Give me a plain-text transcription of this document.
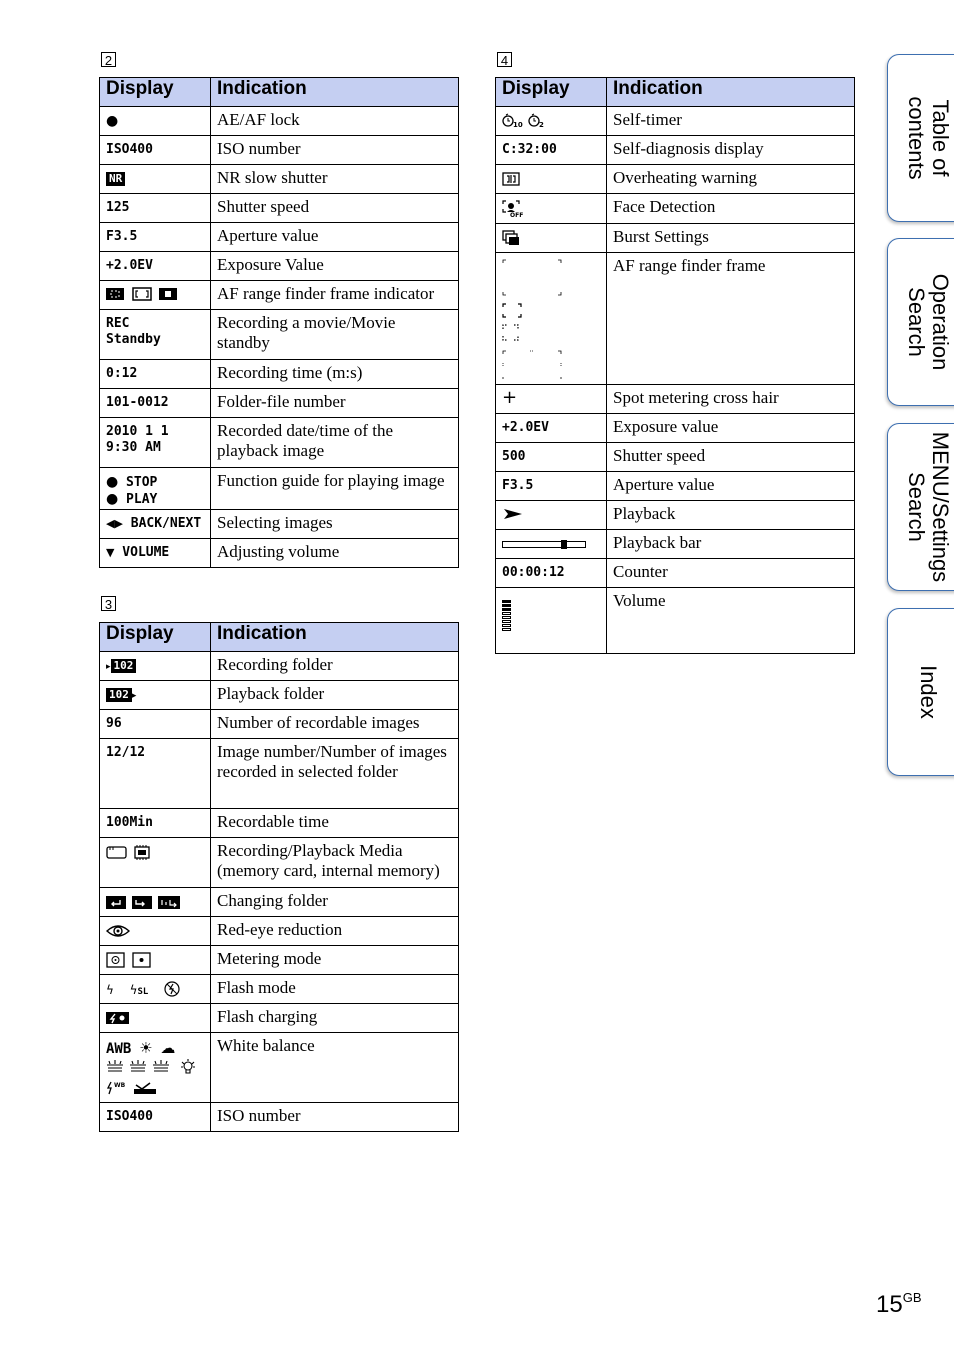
2
3
4
Display	Indication
●	AE/AF lock
ISO400	ISO number
NR	NR slow shutter
125	Shutter speed
F3.5	Aperture value
+2.0EV	Exposure Value
	AF range finder frame indicator
REC
Standby	Recording a movie/Movie standby
0:12	Recording time (m:s)
101-0012	Folder-file number
2010 1 1
9:30 AM	Recorded date/time of the playback image

● STOP
● PLAY	Function guide for playing image
◀▶ BACK/NEXT	Selecting images
▼ VOLUME	Adjusting volume
Display	Indication
▸ 102	Recording folder
102 ▸	Playback folder
96	Number of recordable images
12/12	Image number/Number of images recorded in selected folder
100Min	Recordable time
	Recording/Playback Media (memory card, internal memory)
	Changing folder
	Red-eye reduction
	Metering mode
ϟ ϟSL	Flash mode
	Flash charging

AWB ☀ ☁
WB	White balance
ISO400	ISO number
Display	Indication

10 2	Self-timer
C:32:00	Self-diagnosis display
	Overheating warning

OFF	Face Detection
	Burst Settings
	AF range finder frame
+	Spot metering cross hair
+2.0EV	Exposure value
500	Shutter speed
F3.5	Aperture value
	Playback

	Playback bar
00:00:12	Counter

	Volume
Table of
contents
Operation
Search
MENU/Settings
Search
Index
$15^{GB}$
